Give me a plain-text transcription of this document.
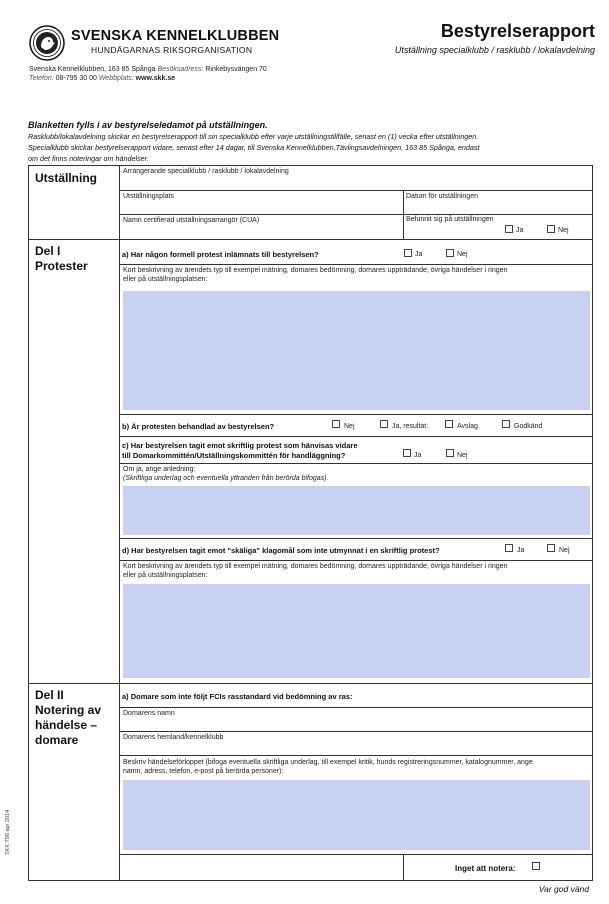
SVENSKA KENNELKLUBBEN
HUNDÄGARNAS RIKSORGANISATION
Svenska Kennelklubben, 163 85 Spånga Besöksadress: Rinkebysvängen 70
Telefon: 08-795 30 00 Webbplats: www.skk.se
Bestyrelserapport
Utställning specialklubb / rasklubb / lokalavdelning
Blanketten fylls i av bestyrelseledamot på utställningen.
Rasklubb/lokalavdelning skickar en bestyrelserapport till sin specialklubb efter varje utställningstillfälle, senast en (1) vecka efter utställningen.
Specialklubb skickar bestyrelserapport vidare, senast efter 14 dagar, till Svenska Kennelklubben,Tävlingsavdelningen, 163 85 Spånga, endast
om det finns noteringar om händelser.
Utställning	Arrangerande specialklubb / rasklubb / lokalavdelning
Utställningsplats	Datum för utställningen
Namn certifierad utställningsarrangör (CUA)	Befunnit sig på utställningen
Ja	Nej
Del I
Protester
a) Har någon formell protest inlämnats till bestyrelsen?	Ja	Nej
Kort beskrivning av ärendets typ till exempel mätning, domares bedömning, domares uppträdande, övriga händelser i ringen
eller på utställningsplatsen:
b) Är protesten behandlad av bestyrelsen?	Nej	Ja, resultat:	Avslag	Godkänd
c) Har bestyrelsen tagit emot skriftlig protest som hänvisas vidare
till Domarkommittén/Utställningskommittén för handläggning?	Ja	Nej
Om ja, ange anledning:
(Skriftliga underlag och eventuella yttranden från berörda bifogas).
d) Har bestyrelsen tagit emot "skäliga" klagomål som inte utmynnat i en skriftlig protest?	Ja	Nej
Kort beskrivning av ärendets typ till exempel mätning, domares bedömning, domares uppträdande, övriga händelser i ringen
eller på utställningsplatsen:
Del II
Notering av
händelse –
domare
a) Domare som inte följt FCIs rasstandard vid bedömning av ras:
Domarens namn
Domarens hemland/kennelklubb
Beskriv händelseförloppet (bifoga eventuella skriftliga underlag, till exempel kritik, hunds registreringsnummer, katalognummer, ange
namn, adress, telefon, e-post på berörda personer):
Inget att notera:
SKK T98 apr 2014
Var god vänd
